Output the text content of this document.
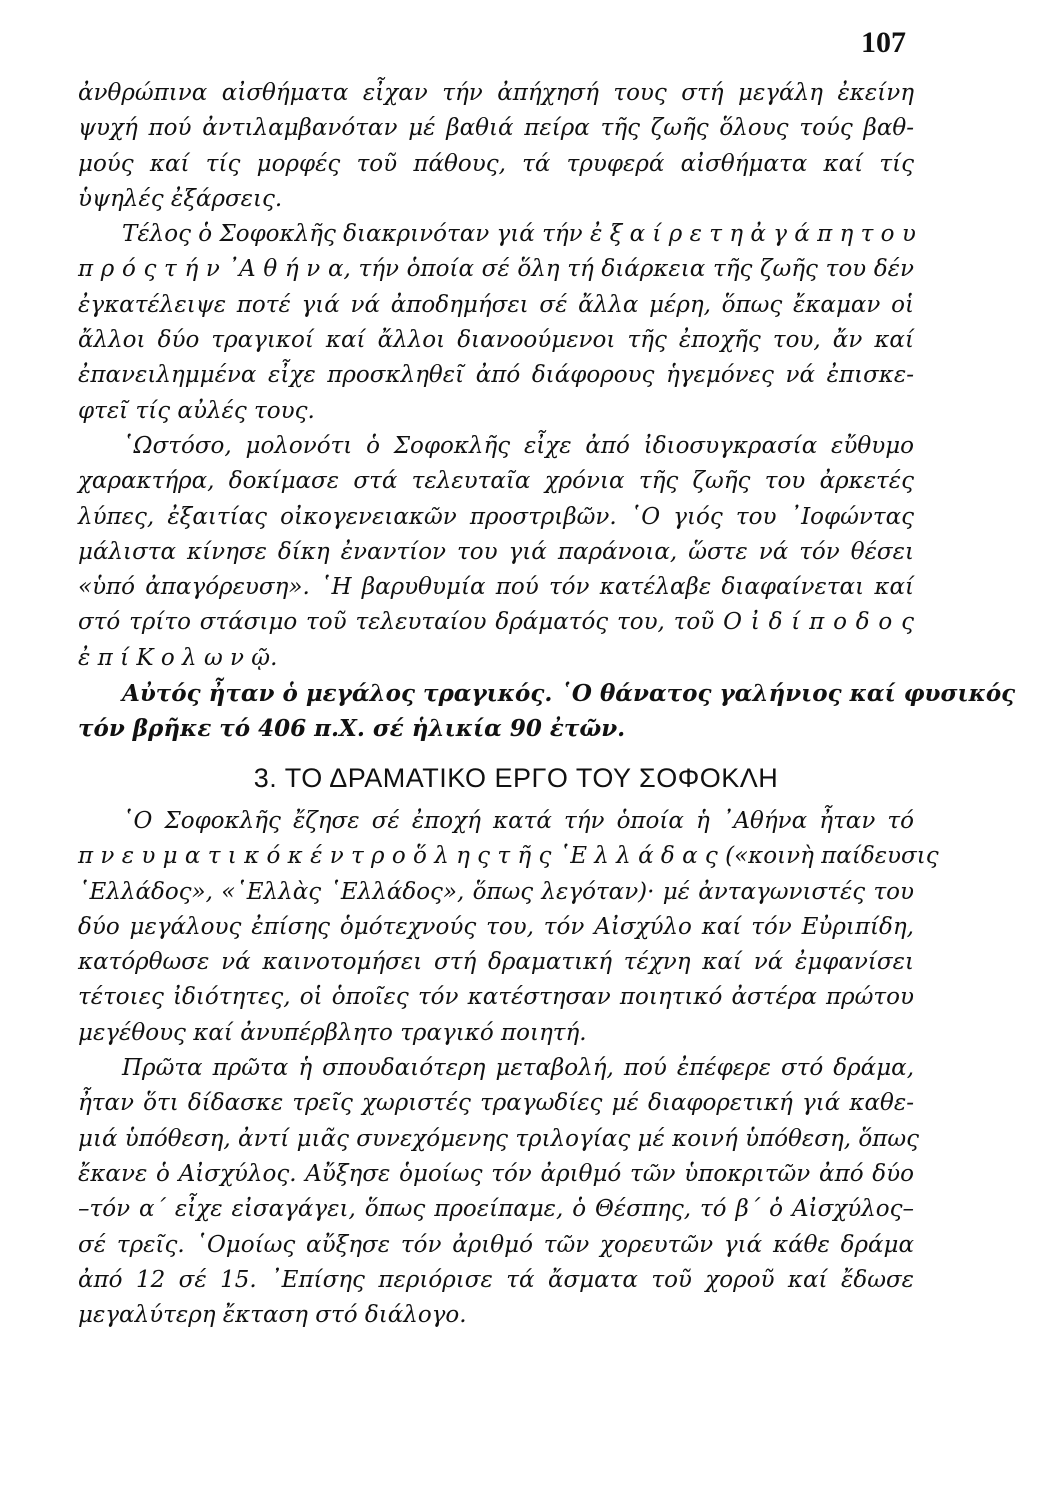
107
ἀνθρώπινα αἰσθήματα εἶχαν τήν ἀπήχησή τους στή μεγάλη ἐκείνη
ψυχή πού ἀντιλαμβανόταν μέ βαθιά πείρα τῆς ζωῆς ὅλους τούς βαθ-
μούς καί τίς μορφές τοῦ πάθους, τά τρυφερά αἰσθήματα καί τίς
ὑψηλές ἐξάρσεις.
Τέλος ὁ Σοφοκλῆς διακρινόταν γιά τήν ἐ ξ α ί ρ ε τ η ἀ γ ά π η τ ο υ
π ρ ό ς τ ή ν ᾿Α θ ή ν α, τήν ὁποία σέ ὅλη τή διάρκεια τῆς ζωῆς του δέν
ἐγκατέλειψε ποτέ γιά νά ἀποδημήσει σέ ἄλλα μέρη, ὅπως ἔκαμαν οἱ
ἄλλοι δύο τραγικοί καί ἄλλοι διανοούμενοι τῆς ἐποχῆς του, ἄν καί
ἐπανειλημμένα εἶχε προσκληθεῖ ἀπό διάφορους ἡγεμόνες νά ἐπισκε-
φτεῖ τίς αὐλές τους.
῾Ωστόσο, μολονότι ὁ Σοφοκλῆς εἶχε ἀπό ἰδιοσυγκρασία εὔθυμο
χαρακτήρα, δοκίμασε στά τελευταῖα χρόνια τῆς ζωῆς του ἀρκετές
λύπες, ἐξαιτίας οἰκογενειακῶν προστριβῶν. ῾Ο γιός του ᾿Ιοφώντας
μάλιστα κίνησε δίκη ἐναντίον του γιά παράνοια, ὥστε νά τόν θέσει
«ὑπό ἀπαγόρευση». ῾Η βαρυθυμία πού τόν κατέλαβε διαφαίνεται καί
στό τρίτο στάσιμο τοῦ τελευταίου δράματός του, τοῦ Ο ἰ δ ί π ο δ ο ς
ἐ π ί Κ ο λ ω ν ῷ.
Αὐτός ἦταν ὁ μεγάλος τραγικός. ῾Ο θάνατος γαλήνιος καί φυσικός
τόν βρῆκε τό 406 π.Χ. σέ ἡλικία 90 ἐτῶν.
3. ΤΟ ΔΡΑΜΑΤΙΚΟ ΕΡΓΟ ΤΟΥ ΣΟΦΟΚΛΗ
῾Ο Σοφοκλῆς ἔζησε σέ ἐποχή κατά τήν ὁποία ἡ ᾿Αθήνα ἦταν τό
π ν ε υ μ α τ ι κ ό κ έ ν τ ρ ο ὅ λ η ς τ ῆ ς ῾Ε λ λ ά δ α ς («κοινὴ παίδευσις
῾Ελλάδος», «῾Ελλὰς ῾Ελλάδος», ὅπως λεγόταν)· μέ ἀνταγωνιστές του
δύο μεγάλους ἐπίσης ὁμότεχνούς του, τόν Αἰσχύλο καί τόν Εὐριπίδη,
κατόρθωσε νά καινοτομήσει στή δραματική τέχνη καί νά ἐμφανίσει
τέτοιες ἰδιότητες, οἱ ὁποῖες τόν κατέστησαν ποιητικό ἀστέρα πρώτου
μεγέθους καί ἀνυπέρβλητο τραγικό ποιητή.
Πρῶτα πρῶτα ἡ σπουδαιότερη μεταβολή, πού ἐπέφερε στό δράμα,
ἦταν ὅτι δίδασκε τρεῖς χωριστές τραγωδίες μέ διαφορετική γιά καθε-
μιά ὑπόθεση, ἀντί μιᾶς συνεχόμενης τριλογίας μέ κοινή ὑπόθεση, ὅπως
ἔκανε ὁ Αἰσχύλος. Αὔξησε ὁμοίως τόν ἀριθμό τῶν ὑποκριτῶν ἀπό δύο
–τόν α΄ εἶχε εἰσαγάγει, ὅπως προείπαμε, ὁ Θέσπης, τό β΄ ὁ Αἰσχύλος–
σέ τρεῖς. ῾Ομοίως αὔξησε τόν ἀριθμό τῶν χορευτῶν γιά κάθε δράμα
ἀπό 12 σέ 15. ᾿Επίσης περιόρισε τά ἄσματα τοῦ χοροῦ καί ἔδωσε
μεγαλύτερη ἔκταση στό διάλογο.
